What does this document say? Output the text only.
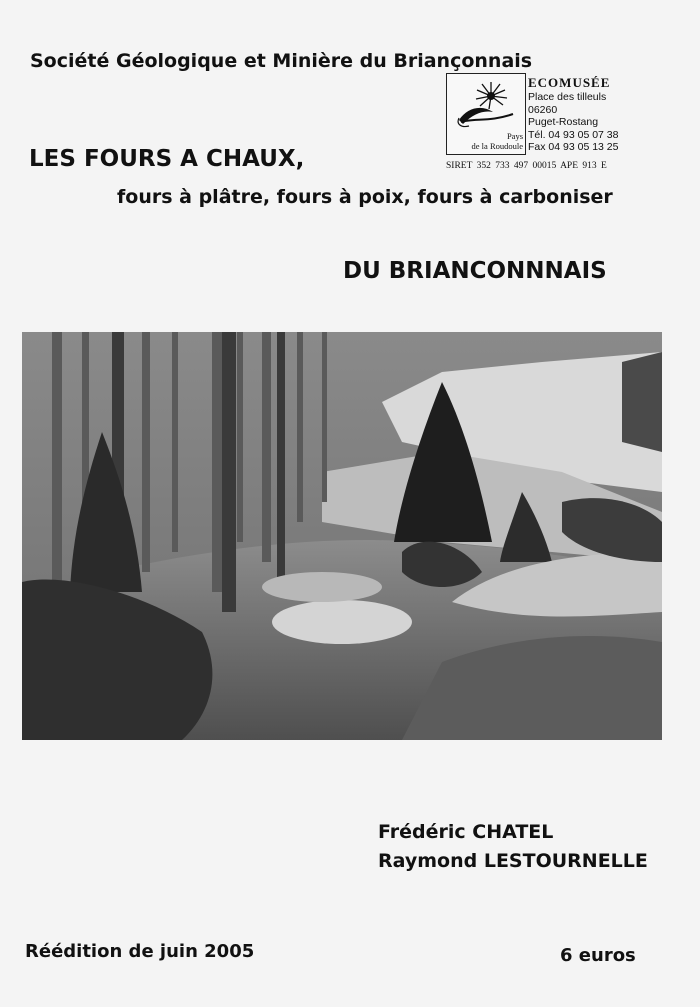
Société Géologique et Minière du Briançonnais
Pays
de la Roudoule
ECOMUSÉE
Place des tilleuls
06260
Puget-Rostang
Tél. 04 93 05 07 38
Fax 04 93 05 13 25
SIRET 352 733 497 00015 APE 913 E
LES FOURS A CHAUX,
fours à plâtre, fours à poix, fours à carboniser
DU BRIANCONNNAIS
Frédéric CHATEL
Raymond LESTOURNELLE
Réédition de juin 2005	6 euros
